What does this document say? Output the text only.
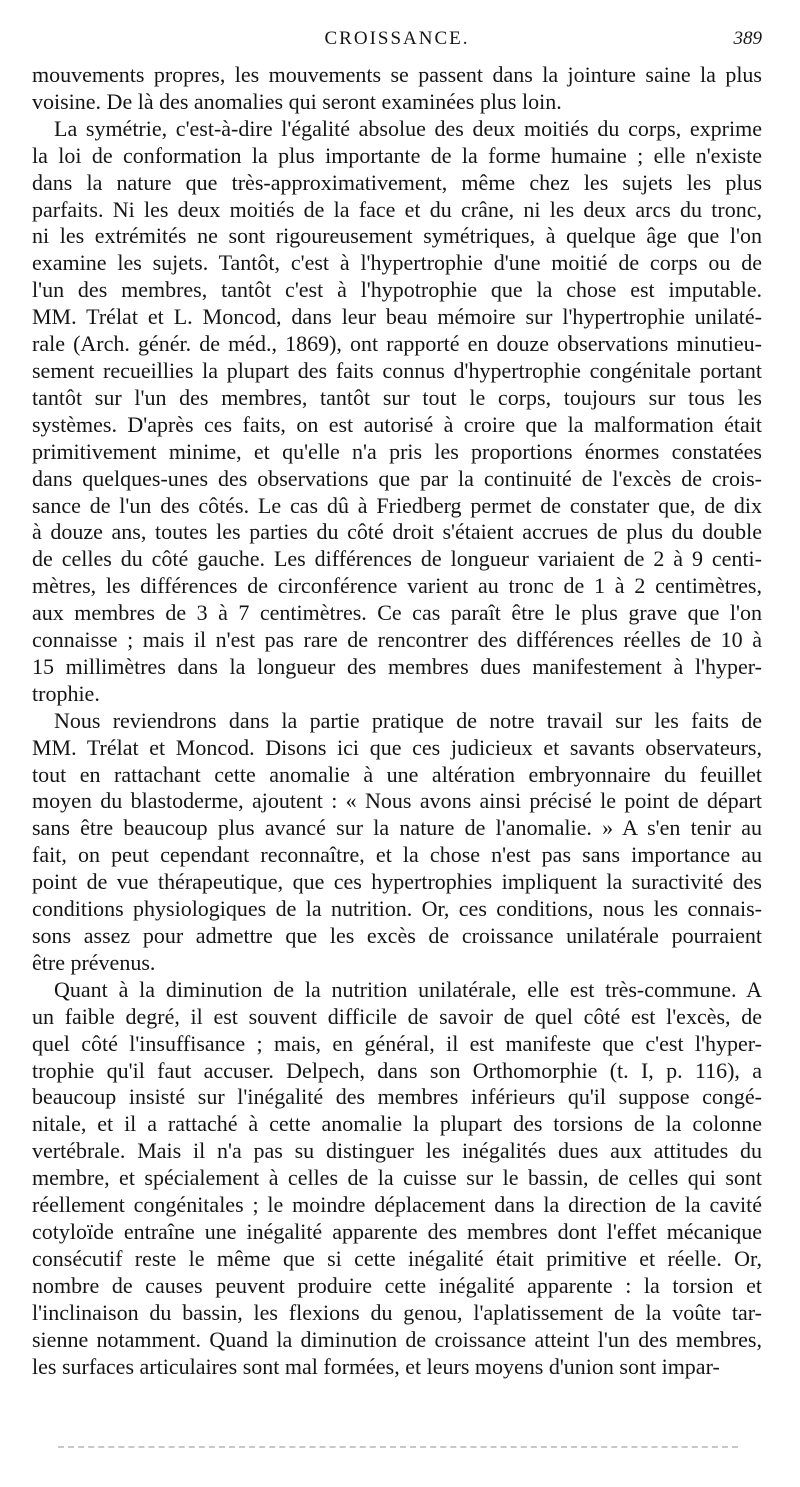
CROISSANCE.	389
mouvements propres, les mouvements se passent dans la jointure saine la plus
voisine. De là des anomalies qui seront examinées plus loin.
La symétrie, c'est-à-dire l'égalité absolue des deux moitiés du corps, exprime
la loi de conformation la plus importante de la forme humaine ; elle n'existe
dans la nature que très-approximativement, même chez les sujets les plus
parfaits. Ni les deux moitiés de la face et du crâne, ni les deux arcs du tronc,
ni les extrémités ne sont rigoureusement symétriques, à quelque âge que l'on
examine les sujets. Tantôt, c'est à l'hypertrophie d'une moitié de corps ou de
l'un des membres, tantôt c'est à l'hypotrophie que la chose est imputable.
MM. Trélat et L. Moncod, dans leur beau mémoire sur l'hypertrophie unilaté-
rale (Arch. génér. de méd., 1869), ont rapporté en douze observations minutieu-
sement recueillies la plupart des faits connus d'hypertrophie congénitale portant
tantôt sur l'un des membres, tantôt sur tout le corps, toujours sur tous les
systèmes. D'après ces faits, on est autorisé à croire que la malformation était
primitivement minime, et qu'elle n'a pris les proportions énormes constatées
dans quelques-unes des observations que par la continuité de l'excès de crois-
sance de l'un des côtés. Le cas dû à Friedberg permet de constater que, de dix
à douze ans, toutes les parties du côté droit s'étaient accrues de plus du double
de celles du côté gauche. Les différences de longueur variaient de 2 à 9 centi-
mètres, les différences de circonférence varient au tronc de 1 à 2 centimètres,
aux membres de 3 à 7 centimètres. Ce cas paraît être le plus grave que l'on
connaisse ; mais il n'est pas rare de rencontrer des différences réelles de 10 à
15 millimètres dans la longueur des membres dues manifestement à l'hyper-
trophie.
Nous reviendrons dans la partie pratique de notre travail sur les faits de
MM. Trélat et Moncod. Disons ici que ces judicieux et savants observateurs,
tout en rattachant cette anomalie à une altération embryonnaire du feuillet
moyen du blastoderme, ajoutent : « Nous avons ainsi précisé le point de départ
sans être beaucoup plus avancé sur la nature de l'anomalie. » A s'en tenir au
fait, on peut cependant reconnaître, et la chose n'est pas sans importance au
point de vue thérapeutique, que ces hypertrophies impliquent la suractivité des
conditions physiologiques de la nutrition. Or, ces conditions, nous les connais-
sons assez pour admettre que les excès de croissance unilatérale pourraient
être prévenus.
Quant à la diminution de la nutrition unilatérale, elle est très-commune. A
un faible degré, il est souvent difficile de savoir de quel côté est l'excès, de
quel côté l'insuffisance ; mais, en général, il est manifeste que c'est l'hyper-
trophie qu'il faut accuser. Delpech, dans son Orthomorphie (t. I, p. 116), a
beaucoup insisté sur l'inégalité des membres inférieurs qu'il suppose congé-
nitale, et il a rattaché à cette anomalie la plupart des torsions de la colonne
vertébrale. Mais il n'a pas su distinguer les inégalités dues aux attitudes du
membre, et spécialement à celles de la cuisse sur le bassin, de celles qui sont
réellement congénitales ; le moindre déplacement dans la direction de la cavité
cotyloïde entraîne une inégalité apparente des membres dont l'effet mécanique
consécutif reste le même que si cette inégalité était primitive et réelle. Or,
nombre de causes peuvent produire cette inégalité apparente : la torsion et
l'inclinaison du bassin, les flexions du genou, l'aplatissement de la voûte tar-
sienne notamment. Quand la diminution de croissance atteint l'un des membres,
les surfaces articulaires sont mal formées, et leurs moyens d'union sont impar-
